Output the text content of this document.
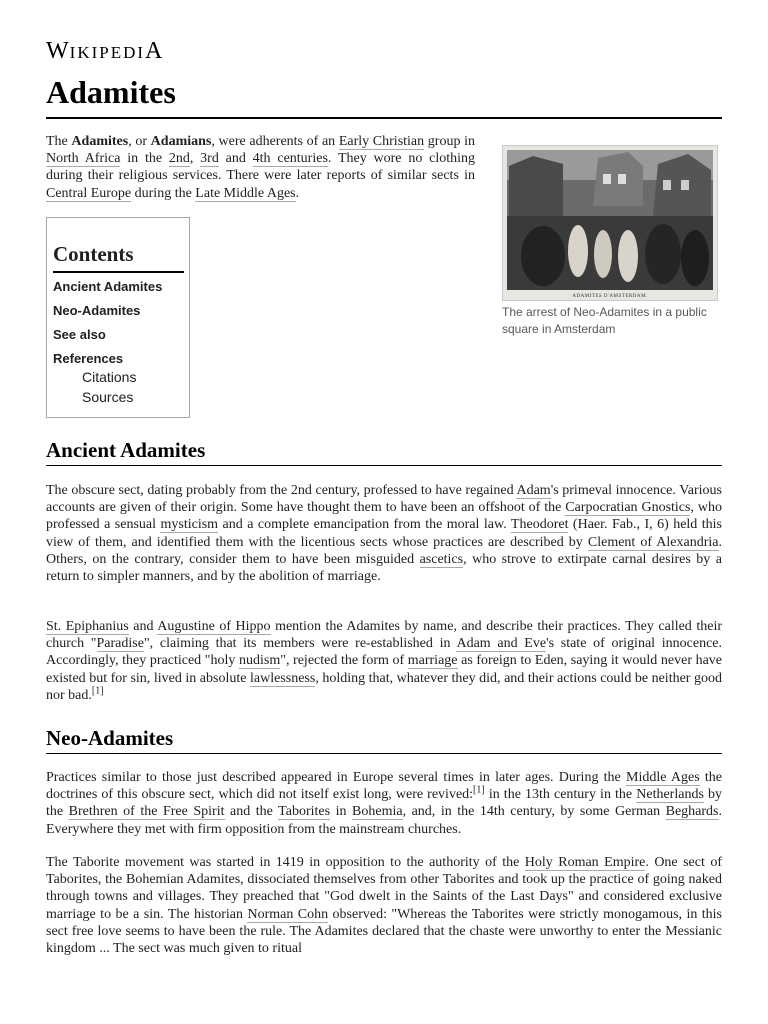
WIKIPEDIA
Adamites

The Adamites, or Adamians, were adherents of an Early Christian group in North Africa in the 2nd, 3rd and 4th centuries. They wore no clothing during their religious services. There were later reports of similar sects in Central Europe during the Late Middle Ages.

ADAMITES D'AMSTERDAM.
The arrest of Neo-Adamites in a public square in Amsterdam
Contents
Ancient Adamites
Neo-Adamites
See also
References
Citations
Sources
Ancient Adamites

The obscure sect, dating probably from the 2nd century, professed to have regained Adam's primeval innocence. Various accounts are given of their origin. Some have thought them to have been an offshoot of the Carpocratian Gnostics, who professed a sensual mysticism and a complete emancipation from the moral law. Theodoret (Haer. Fab., I, 6) held this view of them, and identified them with the licentious sects whose practices are described by Clement of Alexandria. Others, on the contrary, consider them to have been misguided ascetics, who strove to extirpate carnal desires by a return to simpler manners, and by the abolition of marriage.

St. Epiphanius and Augustine of Hippo mention the Adamites by name, and describe their practices. They called their church "Paradise", claiming that its members were re-established in Adam and Eve's state of original innocence. Accordingly, they practiced "holy nudism", rejected the form of marriage as foreign to Eden, saying it would never have existed but for sin, lived in absolute lawlessness, holding that, whatever they did, and their actions could be neither good nor bad.[1]

Neo-Adamites

Practices similar to those just described appeared in Europe several times in later ages. During the Middle Ages the doctrines of this obscure sect, which did not itself exist long, were revived:[1] in the 13th century in the Netherlands by the Brethren of the Free Spirit and the Taborites in Bohemia, and, in the 14th century, by some German Beghards. Everywhere they met with firm opposition from the mainstream churches.

The Taborite movement was started in 1419 in opposition to the authority of the Holy Roman Empire. One sect of Taborites, the Bohemian Adamites, dissociated themselves from other Taborites and took up the practice of going naked through towns and villages. They preached that "God dwelt in the Saints of the Last Days" and considered exclusive marriage to be a sin. The historian Norman Cohn observed: "Whereas the Taborites were strictly monogamous, in this sect free love seems to have been the rule. The Adamites declared that the chaste were unworthy to enter the Messianic kingdom ... The sect was much given to ritual
